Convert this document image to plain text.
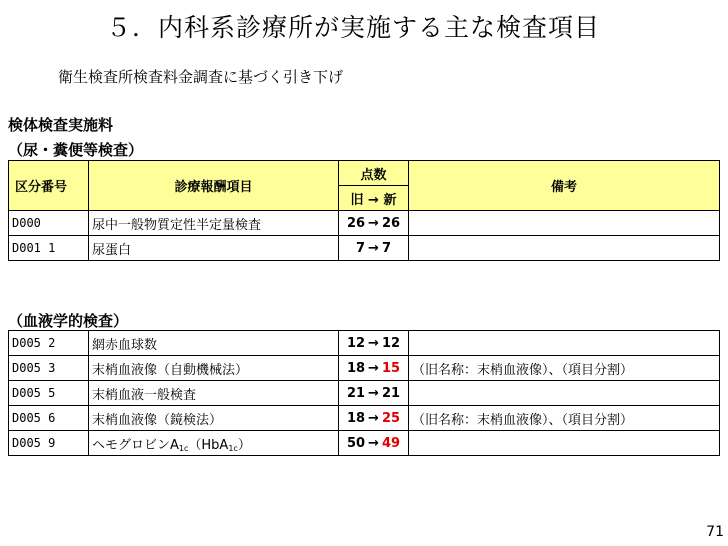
５．内科系診療所が実施する主な検査項目
衛生検査所検査料金調査に基づく引き下げ
検体検査実施料
（尿・糞便等検査）
区分番号	診療報酬項目	点数	備考
		旧 → 新	
D000	尿中一般物質定性半定量検査	26 → 26	
D001 1	尿蛋白	7 → 7	
（血液学的検査）
D005 2	網赤血球数	12 → 12	
D005 3	末梢血液像（自動機械法）	18 → 15	（旧名称：末梢血液像）、（項目分割）
D005 5	末梢血液一般検査	21 → 21	
D005 6	末梢血液像（鏡検法）	18 → 25	（旧名称：末梢血液像）、（項目分割）
D005 9	ヘモグロビン$A_{1c}(HbA_{1c})$	50 → 49	
71
